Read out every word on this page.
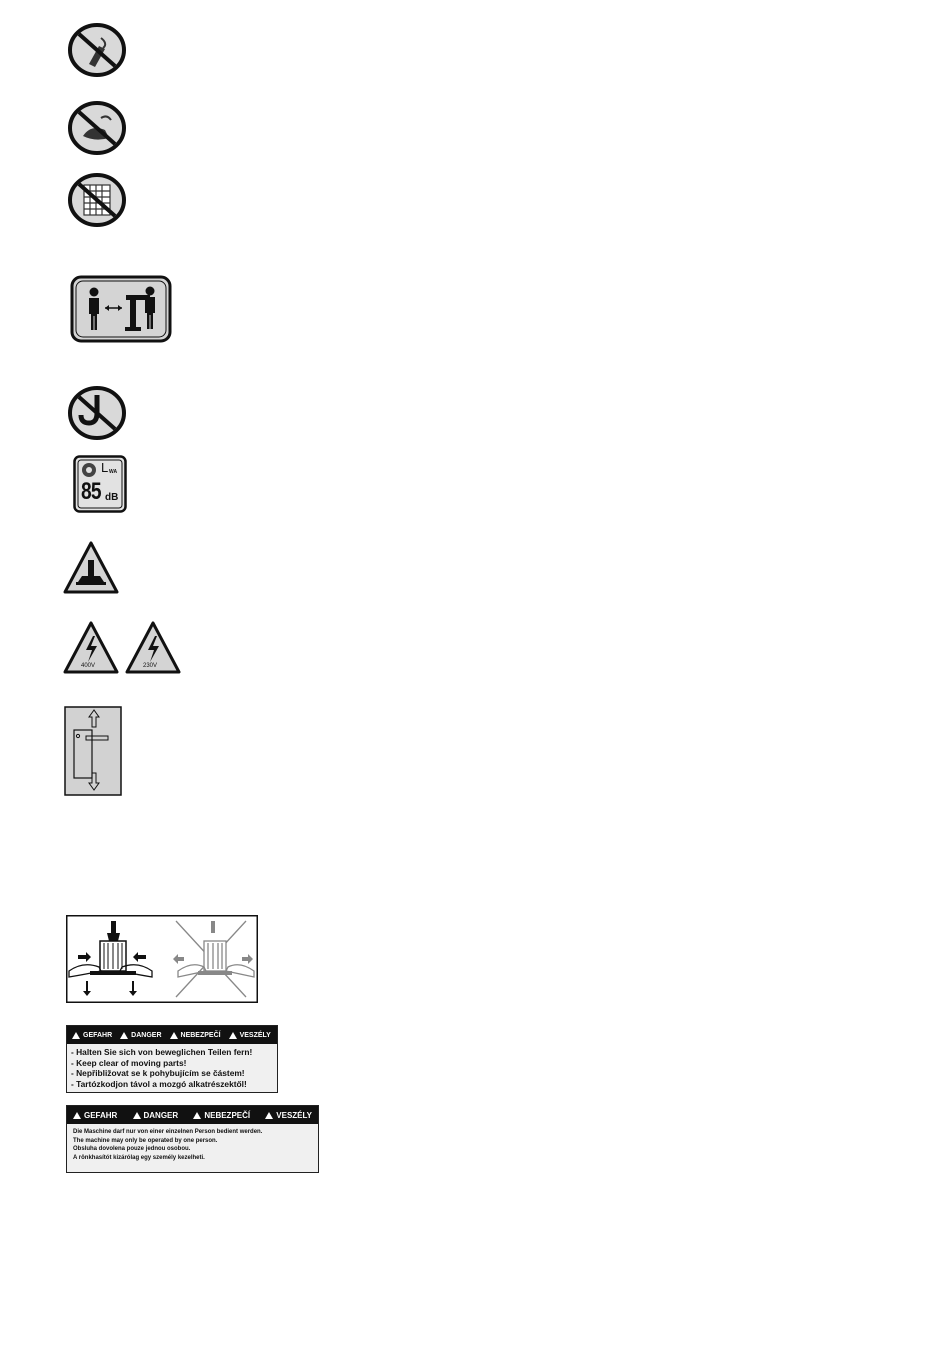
L WA
85 dB
400V	230V
GEFAHR	DANGER	NEBEZPEČÍ	VESZÉLY
- Halten Sie sich von beweglichen Teilen fern!
- Keep clear of moving parts!
- Nepřibližovat se k pohybujícím se částem!
- Tartózkodjon távol a mozgó alkatrészektől!
GEFAHR	DANGER	NEBEZPEČÍ	VESZÉLY
Die Maschine darf nur von einer einzelnen Person bedient werden.
The machine may only be operated by one person.
Obsluha dovolena pouze jednou osobou.
A rönkhasítót kizárólag egy személy kezelheti.
